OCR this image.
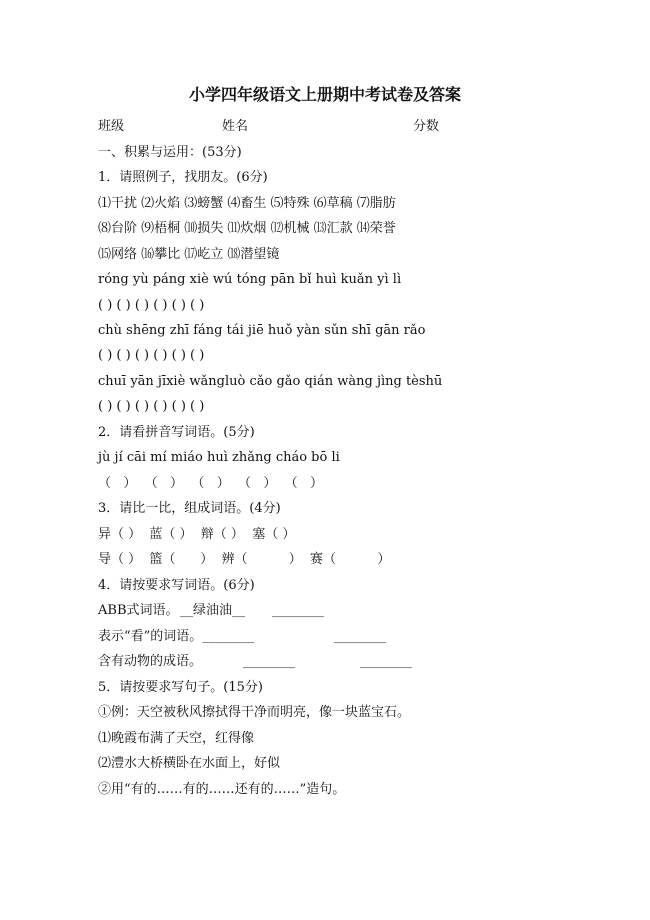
小学四年级语文上册期中考试卷及答案
班级	姓名	分数
一、积累与运用：(53分)
1．请照例子，找朋友。(6分)
⑴干扰 ⑵火焰 ⑶螃蟹 ⑷畜生 ⑸特殊 ⑹草稿 ⑺脂肪
⑻台阶 ⑼梧桐 ⑽损失 ⑾炊烟 ⑿机械 ⒀汇款 ⒁荣誉
⒂网络 ⒃攀比 ⒄屹立 ⒅潜望镜
róng yù páng xiè wú tóng pān bǐ huì kuǎn yì lì
( ) ( ) ( ) ( ) ( ) ( )
chù shēng zhī fáng tái jiē huǒ yàn sǔn shī gān rǎo
( ) ( ) ( ) ( ) ( ) ( )
chuī yān jīxiè wǎngluò cǎo gǎo qián wàng jìng tèshū
( ) ( ) ( ) ( ) ( ) ( )
2．请看拼音写词语。(5分)
jù jí cāi mí miáo huì zhǎng cháo bō li
（   ）  （   ）  （   ）  （   ）  （   ）
3．请比一比，组成词语。(4分)
异（ ）  蓝（ ）  辩（ ）  塞（ ）
导（ ）  篮（      ）  辨（          ）  赛（          ）
4．请按要求写词语。(6分)
ABB式词语。 __绿油油__ ________
表示“看”的词语。________	________
含有动物的成语。	________	________
5．请按要求写句子。(15分)
①例：天空被秋风擦拭得干净而明亮，像一块蓝宝石。
⑴晚霞布满了天空，红得像
⑵澧水大桥横卧在水面上，好似
②用“有的……有的……还有的……”造句。
